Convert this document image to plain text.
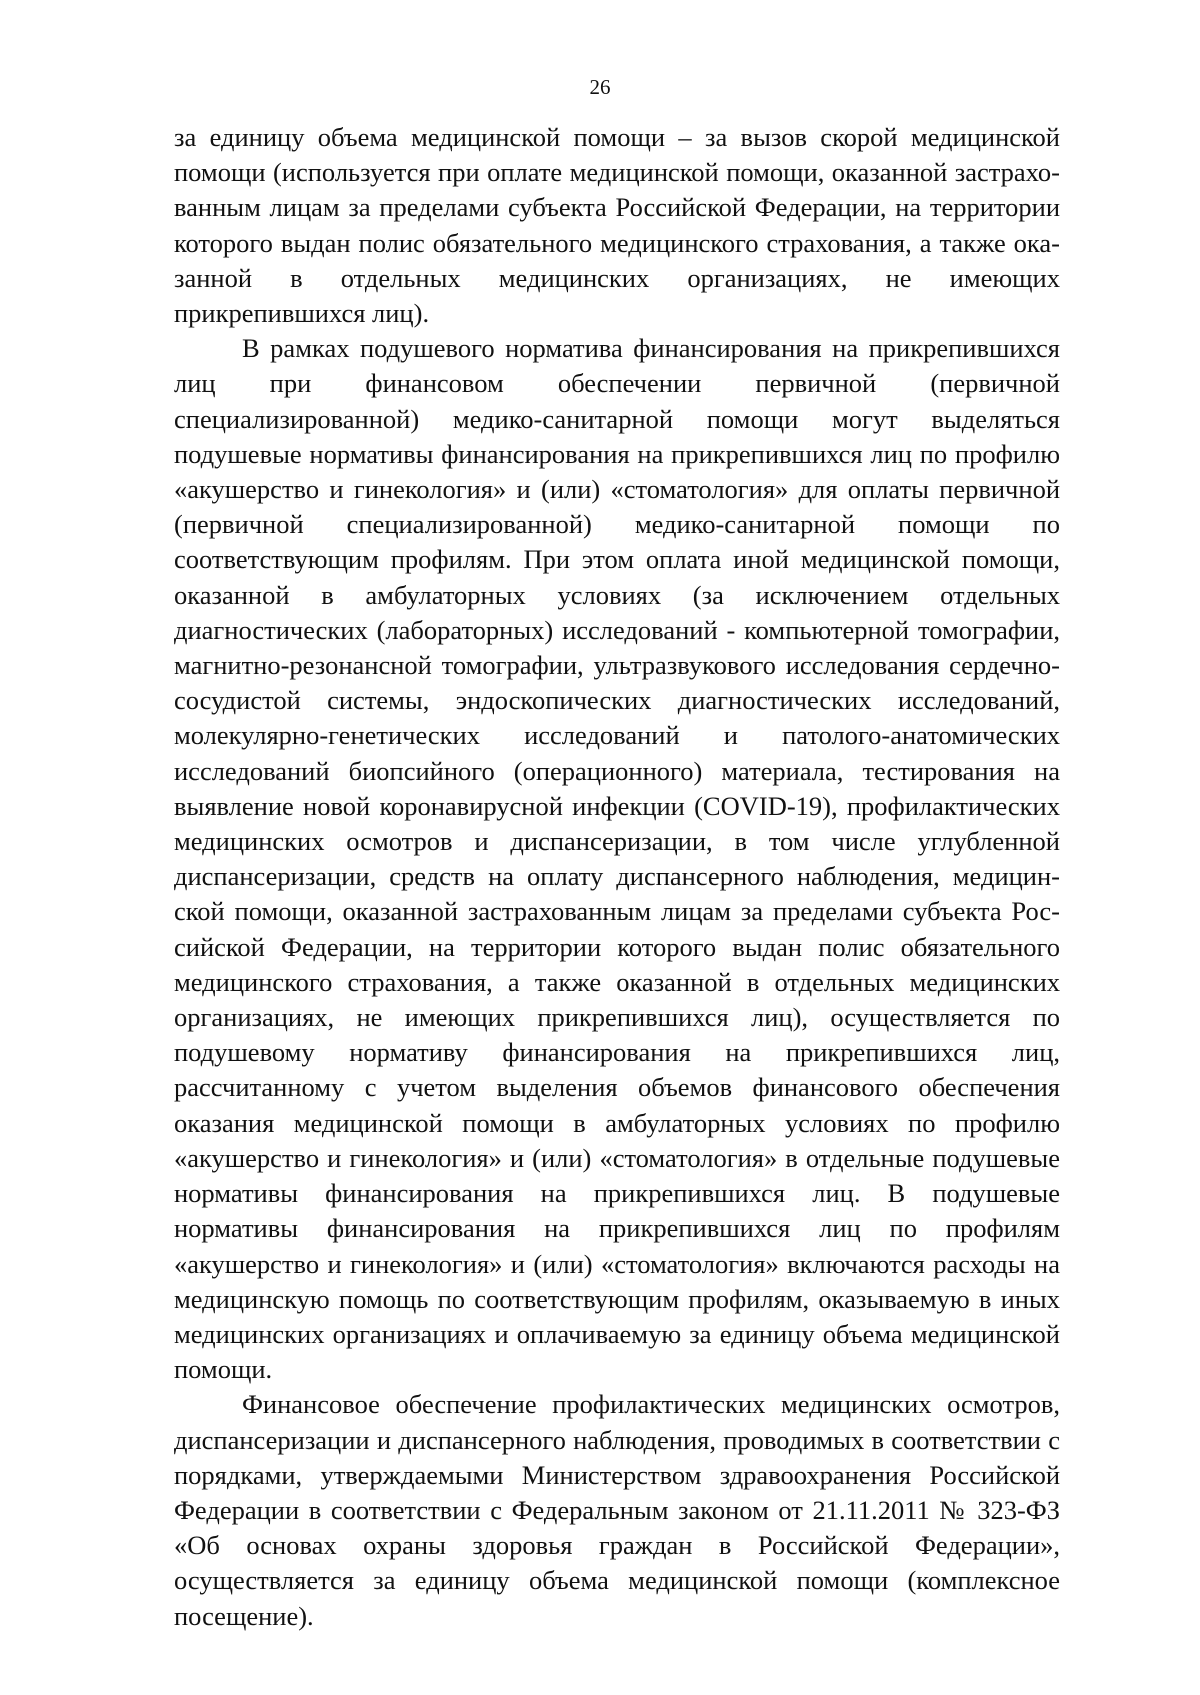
26

за единицу объема медицинской помощи – за вызов скорой медицинской помощи (используется при оплате медицинской помощи, оказанной застрахованным лицам за пределами субъекта Российской Федерации, на территории которого выдан полис обязательного медицинского страхования, а также оказанной в отдельных медицинских организациях, не имеющих прикрепившихся лиц).

В рамках подушевого норматива финансирования на прикрепившихся лиц при финансовом обеспечении первичной (первичной специализированной) медико-санитарной помощи могут выделяться подушевые нормативы финансирования на прикрепившихся лиц по профилю «акушерство и гинекология» и (или) «стоматология» для оплаты первичной (первичной специализированной) медико-санитарной помощи по соответствующим профилям. При этом оплата иной медицинской помощи, оказанной в амбулаторных условиях (за исключением отдельных диагностических (лабораторных) исследований - компьютерной томографии, магнитно-резонансной томографии, ультразвукового исследования сердечно-сосудистой системы, эндоскопических диагностических исследований, молекулярно-генетических исследований и патолого-анатомических исследований биопсийного (операционного) материала, тестирования на выявление новой коронавирусной инфекции (COVID-19), профилактических медицинских осмотров и диспансеризации, в том числе углубленной диспансеризации, средств на оплату диспансерного наблюдения, медицинской помощи, оказанной застрахованным лицам за пределами субъекта Российской Федерации, на территории которого выдан полис обязательного медицинского страхования, а также оказанной в отдельных медицинских организациях, не имеющих прикрепившихся лиц), осуществляется по подушевому нормативу финансирования на прикрепившихся лиц, рассчитанному с учетом выделения объемов финансового обеспечения оказания медицинской помощи в амбулаторных условиях по профилю «акушерство и гинекология» и (или) «стоматология» в отдельные подушевые нормативы финансирования на прикрепившихся лиц. В подушевые нормативы финансирования на прикрепившихся лиц по профилям «акушерство и гинекология» и (или) «стоматология» включаются расходы на медицинскую помощь по соответствующим профилям, оказываемую в иных медицинских организациях и оплачиваемую за единицу объема медицинской помощи.

Финансовое обеспечение профилактических медицинских осмотров, диспансеризации и диспансерного наблюдения, проводимых в соответствии с порядками, утверждаемыми Министерством здравоохранения Российской Федерации в соответствии с Федеральным законом от 21.11.2011 № 323-ФЗ «Об основах охраны здоровья граждан в Российской Федерации», осуществляется за единицу объема медицинской помощи (комплексное посещение).
